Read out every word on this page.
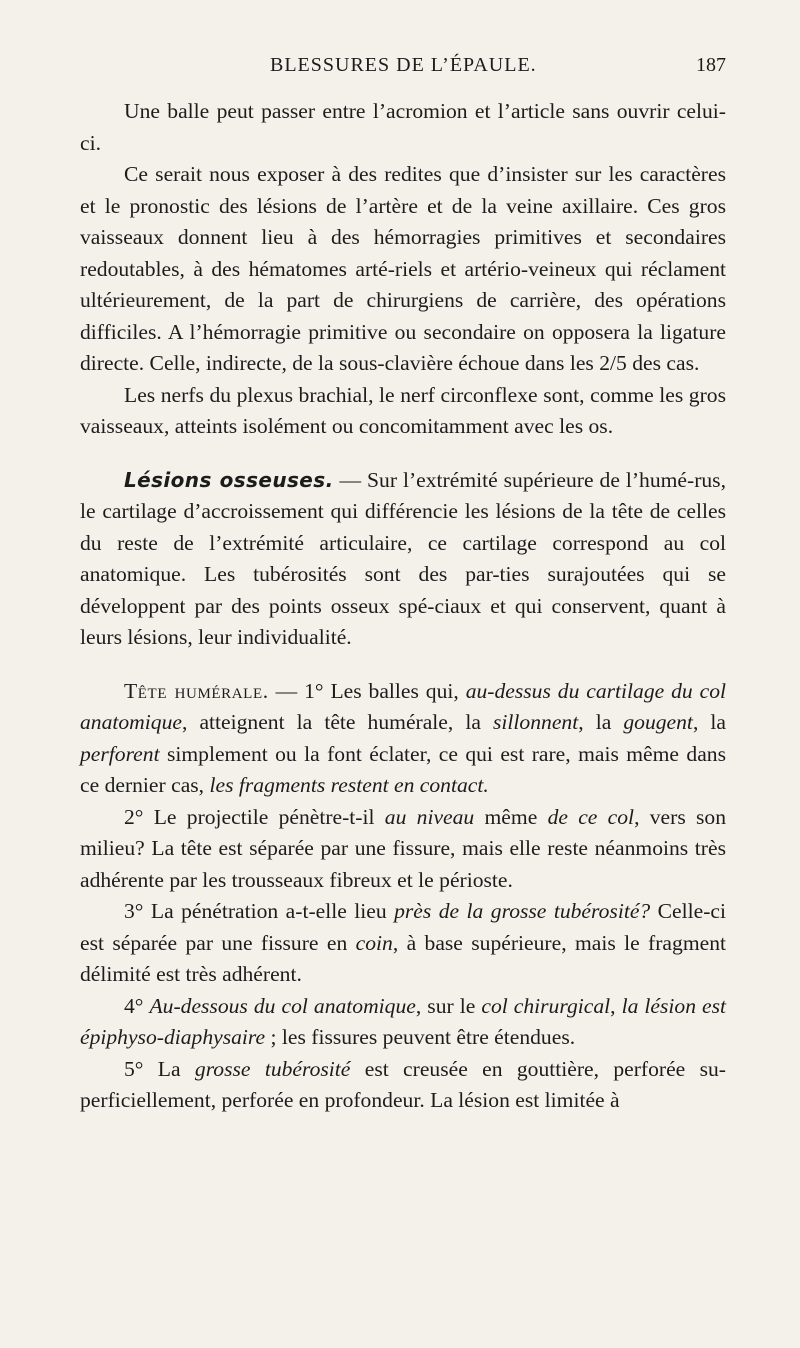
BLESSURES DE L’ÉPAULE.	187

Une balle peut passer entre l’acromion et l’article sans ouvrir celui-ci.

Ce serait nous exposer à des redites que d’insister sur les caractères et le pronostic des lésions de l’artère et de la veine axillaire. Ces gros vaisseaux donnent lieu à des hémorragies primitives et secondaires redoutables, à des hématomes arté-riels et artério-veineux qui réclament ultérieurement, de la part de chirurgiens de carrière, des opérations difficiles. A l’hémorragie primitive ou secondaire on opposera la ligature directe. Celle, indirecte, de la sous-clavière échoue dans les 2/5 des cas.

Les nerfs du plexus brachial, le nerf circonflexe sont, comme les gros vaisseaux, atteints isolément ou concomitamment avec les os.

Lésions osseuses. — Sur l’extrémité supérieure de l’humé-rus, le cartilage d’accroissement qui différencie les lésions de la tête de celles du reste de l’extrémité articulaire, ce cartilage correspond au col anatomique. Les tubérosités sont des par-ties surajoutées qui se développent par des points osseux spé-ciaux et qui conservent, quant à leurs lésions, leur individualité.

Tête humérale. — 1° Les balles qui, au-dessus du cartilage du col anatomique, atteignent la tête humérale, la sillonnent, la gougent, la perforent simplement ou la font éclater, ce qui est rare, mais même dans ce dernier cas, les fragments restent en contact.

2° Le projectile pénètre-t-il au niveau même de ce col, vers son milieu? La tête est séparée par une fissure, mais elle reste néanmoins très adhérente par les trousseaux fibreux et le périoste.

3° La pénétration a-t-elle lieu près de la grosse tubérosité? Celle-ci est séparée par une fissure en coin, à base supérieure, mais le fragment délimité est très adhérent.

4° Au-dessous du col anatomique, sur le col chirurgical, la lésion est épiphyso-diaphysaire ; les fissures peuvent être étendues.

5° La grosse tubérosité est creusée en gouttière, perforée su-perficiellement, perforée en profondeur. La lésion est limitée à
